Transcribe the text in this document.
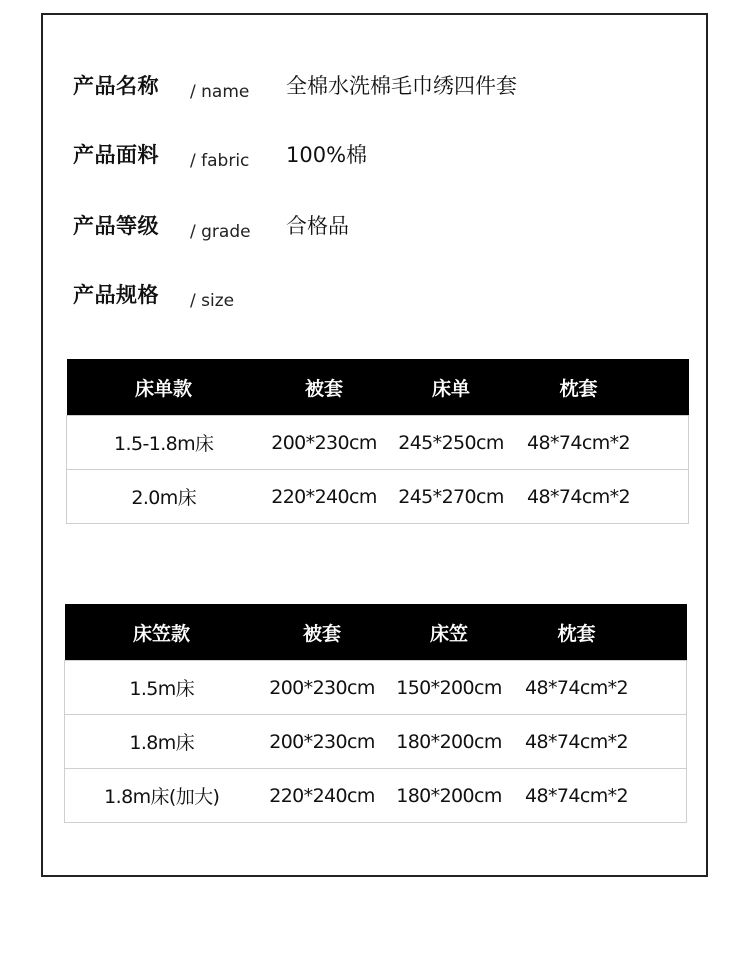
产品名称	/ name	全棉水洗棉毛巾绣四件套
产品面料	/ fabric	100%棉
产品等级	/ grade	合格品
产品规格	/ size
床单款	被套	床单	枕套	
1.5-1.8m床	200*230cm	245*250cm	48*74cm*2	
2.0m床	220*240cm	245*270cm	48*74cm*2	
床笠款	被套	床笠	枕套	
1.5m床	200*230cm	150*200cm	48*74cm*2	
1.8m床	200*230cm	180*200cm	48*74cm*2	
1.8m床(加大)	220*240cm	180*200cm	48*74cm*2	
